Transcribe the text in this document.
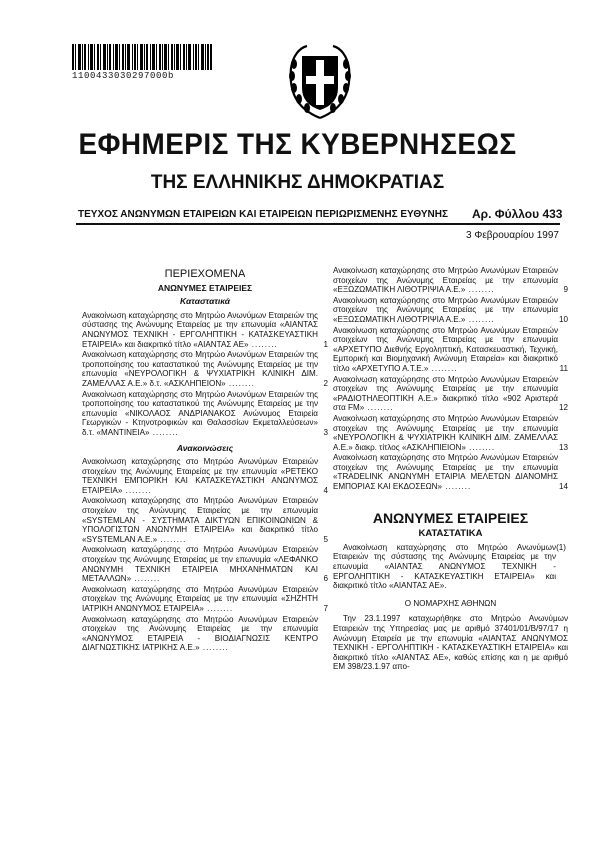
1100433030297000b
ΕΦΗΜΕΡΙΣ ΤΗΣ ΚΥΒΕΡΝΗΣΕΩΣ
ΤΗΣ ΕΛΛΗΝΙΚΗΣ ΔΗΜΟΚΡΑΤΙΑΣ
ΤΕΥΧΟΣ ΑΝΩΝΥΜΩΝ ΕΤΑΙΡΕΙΩΝ ΚΑΙ ΕΤΑΙΡΕΙΩΝ ΠΕΡΙΩΡΙΣΜΕΝΗΣ ΕΥΘΥΝΗΣ Αρ. Φύλλου 433
3 Φεβρουαρίου 1997
ΠΕΡΙΕΧΟΜΕΝΑ
ΑΝΩΝΥΜΕΣ ΕΤΑΙΡΕΙΕΣ
Καταστατικά
Ανακοίνωση καταχώρησης στο Μητρώο Ανωνύμων Εταιρειών της σύστασης της Ανώνυμης Εταιρείας με την επωνυμία «ΑΙΑΝΤΑΣ ΑΝΩΝΥΜΟΣ ΤΕΧΝΙΚΗ - ΕΡΓΟΛΗΠΤΙΚΗ - ΚΑΤΑΣΚΕΥΑΣΤΙΚΗ ΕΤΑΙΡΕΙΑ» και διακριτικό τίτλο «ΑΙΑΝΤΑΣ ΑΕ» ........	1
Ανακοίνωση καταχώρησης στο Μητρώο Ανωνύμων Εταιρειών της τροποποίησης του καταστατικού της Ανώνυμης Εταιρείας με την επωνυμία «ΝΕΥΡΟΛΟΓΙΚΗ & ΨΥΧΙΑΤΡΙΚΗ ΚΛΙΝΙΚΗ ΔΙΜ. ΖΑΜΕΛΛΑΣ Α.Ε.» δ.τ. «ΑΣΚΛΗΠΕΙΟΝ» ........	2
Ανακοίνωση καταχώρησης στο Μητρώο Ανωνύμων Εταιρειών της τροποποίησης του καταστατικού της Ανώνυμης Εταιρείας με την επωνυμία «ΝΙΚΟΛΑΟΣ ΑΝΔΡΙΑΝΑΚΟΣ Ανώνυμος Εταιρεία Γεωργικών - Κτηνοτροφικών και Θαλασσίων Εκμεταλλεύσεων» δ.τ. «ΜΑΝΤΙΝΕΙΑ» ........	3
Ανακοινώσεις
Ανακοίνωση καταχώρησης στο Μητρώο Ανωνύμων Εταιρειών στοιχείων της Ανώνυμης Εταιρείας με την επωνυμία «ΡΕΤΕΚΟ ΤΕΧΝΙΚΗ ΕΜΠΟΡΙΚΗ ΚΑΙ ΚΑΤΑΣΚΕΥΑΣΤΙΚΗ ΑΝΩΝΥΜΟΣ ΕΤΑΙΡΕΙΑ» ........	4
Ανακοίνωση καταχώρησης στο Μητρώο Ανωνύμων Εταιρειών στοιχείων της Ανώνυμης Εταιρείας με την επωνυμία «SYSTEMLAN - ΣΥΣΤΗΜΑΤΑ ΔΙΚΤΥΩΝ ΕΠΙΚΟΙΝΩΝΙΩΝ & ΥΠΟΛΟΓΙΣΤΩΝ ΑΝΩΝΥΜΗ ΕΤΑΙΡΕΙΑ» και διακριτικό τίτλο «SYSTEMLAN A.E.» ........	5
Ανακοίνωση καταχώρησης στο Μητρώο Ανωνύμων Εταιρειών στοιχείων της Ανώνυμης Εταιρείας με την επωνυμία «ΛΕΦΑΝΚΟ ΑΝΩΝΥΜΗ ΤΕΧΝΙΚΗ ΕΤΑΙΡΕΙΑ ΜΗΧΑΝΗΜΑΤΩΝ ΚΑΙ ΜΕΤΑΛΛΩΝ» ........	6
Ανακοίνωση καταχώρησης στο Μητρώο Ανωνύμων Εταιρειών στοιχείων της Ανώνυμης Εταιρείας με την επωνυμία «ΣΗΖΗΤΗ ΙΑΤΡΙΚΗ ΑΝΩΝΥΜΟΣ ΕΤΑΙΡΕΙΑ» ........	7
Ανακοίνωση καταχώρησης στο Μητρώο Ανωνύμων Εταιρειών στοιχείων της Ανώνυμης Εταιρείας με την επωνυμία «ΑΝΩΝΥΜΟΣ ΕΤΑΙΡΕΙΑ - ΒΙΟΔΙΑΓΝΩΣΙΣ ΚΕΝΤΡΟ ΔΙΑΓΝΩΣΤΙΚΗΣ ΙΑΤΡΙΚΗΣ Α.Ε.» ........
Ανακοίνωση καταχώρησης στο Μητρώο Ανωνύμων Εταιρειών στοιχείων της Ανώνυμης Εταιρείας με την επωνυμία «ΕΞΩΖΩΜΑΤΙΚΗ ΛΙΘΟΤΡΙΨΙΑ Α.Ε.» ........	9
Ανακοίνωση καταχώρησης στο Μητρώο Ανωνύμων Εταιρειών στοιχείων της Ανώνυμης Εταιρείας με την επωνυμία «ΕΞΩΣΩΜΑΤΙΚΗ ΛΙΘΟΤΡΙΨΙΑ Α.Ε.» ........	10
Ανακοίνωση καταχώρησης στο Μητρώο Ανωνύμων Εταιρειών στοιχείων της Ανώνυμης Εταιρείας με την επωνυμία «ΑΡΧΕΤΥΠΟ Διεθνής Εργοληπτική, Κατασκευαστική, Τεχνική, Εμπορική και Βιομηχανική Ανώνυμη Εταιρεία» και διακριτικό τίτλο «ΑΡΧΕΤΥΠΟ Α.Τ.Ε.» ........	11
Ανακοίνωση καταχώρησης στο Μητρώο Ανωνύμων Εταιρειών στοιχείων της Ανώνυμης Εταιρείας με την επωνυμία «ΡΑΔΙΟΤΗΛΕΟΠΤΙΚΗ Α.Ε.» διακριτικό τίτλο «902 Αριστερά στα FM» ........	12
Ανακοίνωση καταχώρησης στο Μητρώο Ανωνύμων Εταιρειών στοιχείων της Ανώνυμης Εταιρείας με την επωνυμία «ΝΕΥΡΟΛΟΓΙΚΗ & ΨΥΧΙΑΤΡΙΚΗ ΚΛΙΝΙΚΗ ΔΙΜ. ΖΑΜΕΛΛΑΣ Α.Ε.» διακρ. τίτλος «ΑΣΚΛΗΠΙΕΙΟΝ» ........	13
Ανακοίνωση καταχώρησης στο Μητρώο Ανωνύμων Εταιρειών στοιχείων της Ανώνυμης Εταιρείας με την επωνυμία «TRADELINK ΑΝΩΝΥΜΗ ΕΤΑΙΡΙΑ ΜΕΛΕΤΩΝ ΔΙΑΝΟΜΗΣ ΕΜΠΟΡΙΑΣ ΚΑΙ ΕΚΔΟΣΕΩΝ» ........	14
ΑΝΩΝΥΜΕΣ ΕΤΑΙΡΕΙΕΣ
ΚΑΤΑΣΤΑΤΙΚΑ
(1)

Ανακοίνωση καταχώρησης στο Μητρώο Ανωνύμων Εταιρειών της σύστασης της Ανώνυμης Εταιρείας με την επωνυμία «ΑΙΑΝΤΑΣ ΑΝΩΝΥΜΟΣ ΤΕΧΝΙΚΗ - ΕΡΓΟΛΗΠΤΙΚΗ - ΚΑΤΑΣΚΕΥΑΣΤΙΚΗ ΕΤΑΙΡΕΙΑ» και διακριτικό τίτλο «ΑΙΑΝΤΑΣ ΑΕ».

Ο ΝΟΜΑΡΧΗΣ ΑΘΗΝΩΝ

Την 23.1.1997 καταχωρήθηκε στο Μητρώο Ανωνύμων Εταιρειών της Υπηρεσίας μας με αριθμό 37401/01/Β/97/17 η Ανώνυμη Εταιρεία με την επωνυμία «ΑΙΑΝΤΑΣ ΑΝΩΝΥΜΟΣ ΤΕΧΝΙΚΗ - ΕΡΓΟΛΗΠΤΙΚΗ - ΚΑΤΑΣΚΕΥΑΣΤΙΚΗ ΕΤΑΙΡΕΙΑ» και διακριτικό τίτλο «ΑΙΑΝΤΑΣ ΑΕ», καθώς επίσης και η με αριθμό ΕΜ 398/23.1.97 απο-
